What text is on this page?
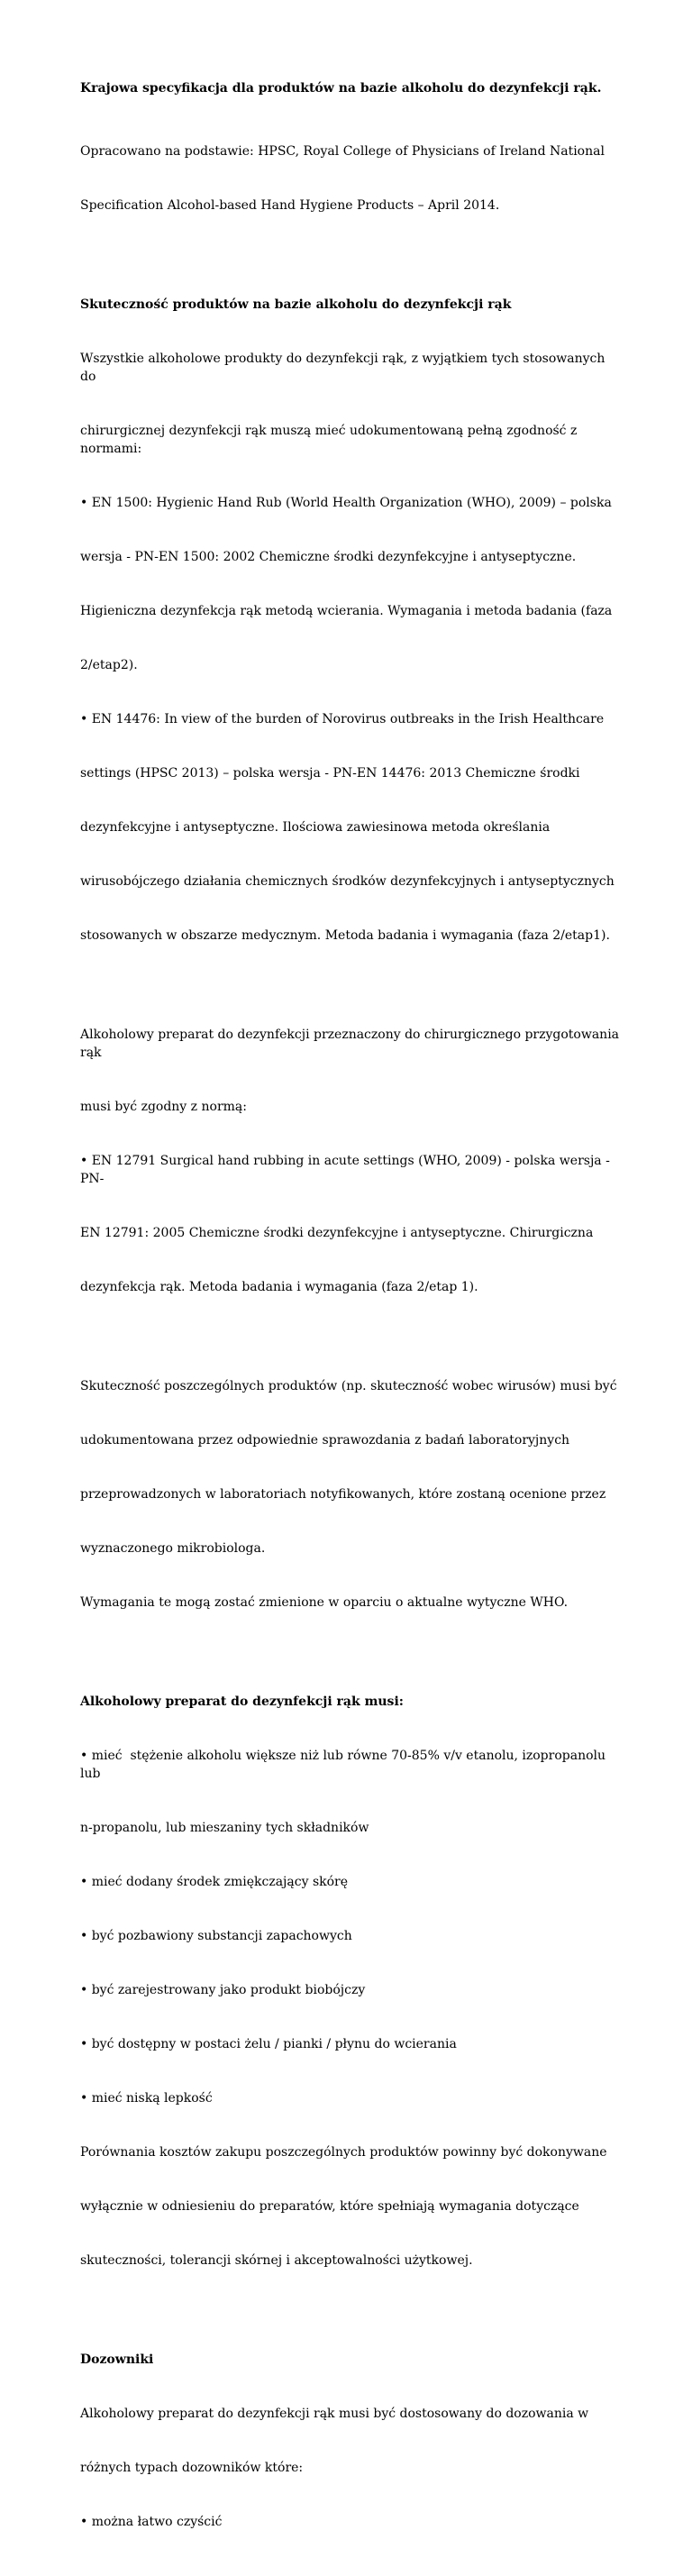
Krajowa specyfikacja dla produktów na bazie alkoholu do dezynfekcji rąk.

Opracowano na podstawie: HPSC, Royal College of Physicians of Ireland National

Specification Alcohol-based Hand Hygiene Products – April 2014.

Skuteczność produktów na bazie alkoholu do dezynfekcji rąk

Wszystkie alkoholowe produkty do dezynfekcji rąk, z wyjątkiem tych stosowanych do

chirurgicznej dezynfekcji rąk muszą mieć udokumentowaną pełną zgodność z normami:

• EN 1500: Hygienic Hand Rub (World Health Organization (WHO), 2009) – polska

wersja - PN-EN 1500: 2002 Chemiczne środki dezynfekcyjne i antyseptyczne.

Higieniczna dezynfekcja rąk metodą wcierania. Wymagania i metoda badania (faza

2/etap2).

• EN 14476: In view of the burden of Norovirus outbreaks in the Irish Healthcare

settings (HPSC 2013) – polska wersja - PN-EN 14476: 2013 Chemiczne środki

dezynfekcyjne i antyseptyczne. Ilościowa zawiesinowa metoda określania

wirusobójczego działania chemicznych środków dezynfekcyjnych i antyseptycznych

stosowanych w obszarze medycznym. Metoda badania i wymagania (faza 2/etap1).

Alkoholowy preparat do dezynfekcji przeznaczony do chirurgicznego przygotowania rąk

musi być zgodny z normą:

• EN 12791 Surgical hand rubbing in acute settings (WHO, 2009) - polska wersja - PN-

EN 12791: 2005 Chemiczne środki dezynfekcyjne i antyseptyczne. Chirurgiczna

dezynfekcja rąk. Metoda badania i wymagania (faza 2/etap 1).

Skuteczność poszczególnych produktów (np. skuteczność wobec wirusów) musi być

udokumentowana przez odpowiednie sprawozdania z badań laboratoryjnych

przeprowadzonych w laboratoriach notyfikowanych, które zostaną ocenione przez

wyznaczonego mikrobiologa.

Wymagania te mogą zostać zmienione w oparciu o aktualne wytyczne WHO.

Alkoholowy preparat do dezynfekcji rąk musi:

• mieć  stężenie alkoholu większe niż lub równe 70-85% v/v etanolu, izopropanolu lub

n-propanolu, lub mieszaniny tych składników

• mieć dodany środek zmiękczający skórę

• być pozbawiony substancji zapachowych

• być zarejestrowany jako produkt biobójczy

• być dostępny w postaci żelu / pianki / płynu do wcierania

• mieć niską lepkość

Porównania kosztów zakupu poszczególnych produktów powinny być dokonywane

wyłącznie w odniesieniu do preparatów, które spełniają wymagania dotyczące

skuteczności, tolerancji skórnej i akceptowalności użytkowej.

Dozowniki

Alkoholowy preparat do dezynfekcji rąk musi być dostosowany do dozowania w

różnych typach dozowników które:

• można łatwo czyścić
